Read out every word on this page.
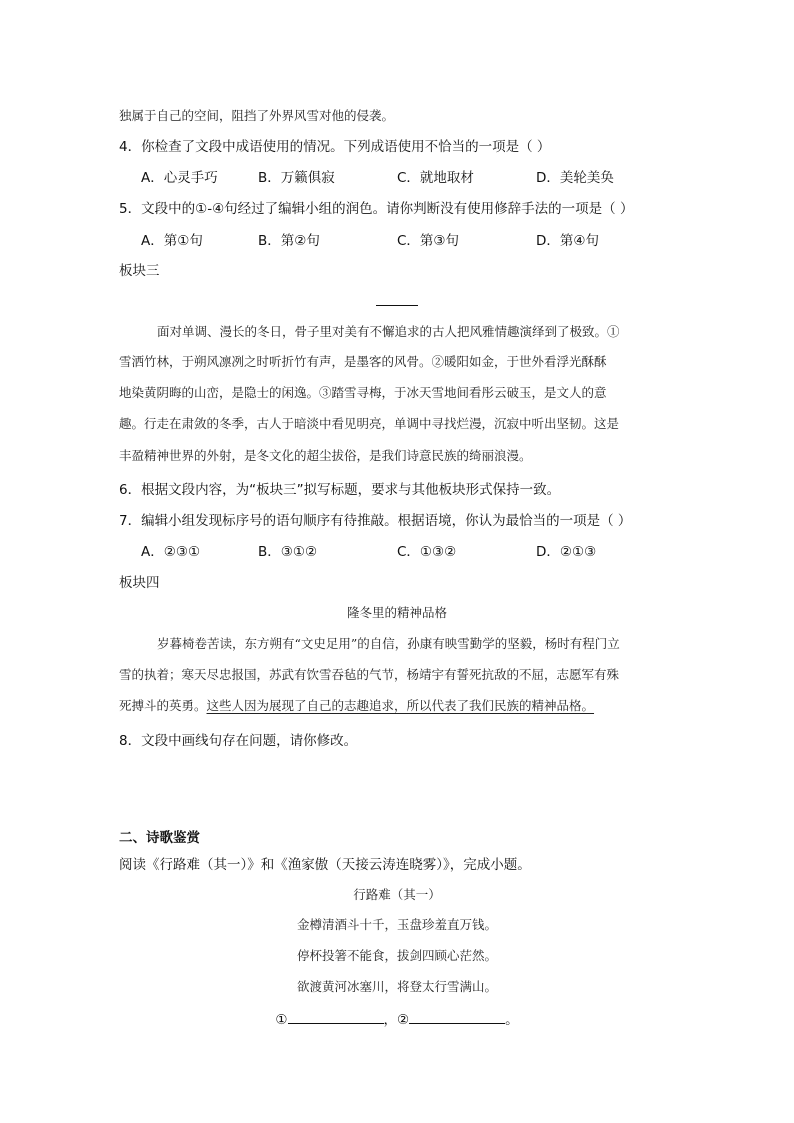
独属于自己的空间，阻挡了外界风雪对他的侵袭。
4．你检查了文段中成语使用的情况。下列成语使用不恰当的一项是（ ）
A．心灵手巧	B．万籁俱寂	C．就地取材	D．美轮美奂
5．文段中的①-④句经过了编辑小组的润色。请你判断没有使用修辞手法的一项是（ ）
A．第①句	B．第②句	C．第③句	D．第④句
板块三
面对单调、漫长的冬日，骨子里对美有不懈追求的古人把风雅情趣演绎到了极致。①
雪洒竹林，于朔风凛冽之时听折竹有声，是墨客的风骨。②暖阳如金，于世外看浮光酥酥
地染黄阴晦的山峦，是隐士的闲逸。③踏雪寻梅，于冰天雪地间看彤云破玉，是文人的意
趣。行走在肃敛的冬季，古人于暗淡中看见明亮，单调中寻找烂漫，沉寂中听出坚韧。这是
丰盈精神世界的外射，是冬文化的超尘拔俗，是我们诗意民族的绮丽浪漫。
6．根据文段内容，为“板块三”拟写标题，要求与其他板块形式保持一致。
7．编辑小组发现标序号的语句顺序有待推敲。根据语境，你认为最恰当的一项是（ ）
A．②③①	B．③①②	C．①③②	D．②①③
板块四
隆冬里的精神品格
岁暮椅卷苦读，东方朔有“文史足用”的自信，孙康有映雪勤学的坚毅，杨时有程门立
雪的执着；寒天尽忠报国，苏武有饮雪吞毡的气节，杨靖宇有誓死抗敌的不屈，志愿军有殊
死搏斗的英勇。这些人因为展现了自己的志趣追求，所以代表了我们民族的精神品格。
8．文段中画线句存在问题，请你修改。
二、诗歌鉴赏
阅读《行路难（其一）》和《渔家傲（天接云涛连晓雾）》，完成小题。
行路难（其一）
金樽清酒斗十千，玉盘珍羞直万钱。
停杯投箸不能食，拔剑四顾心茫然。
欲渡黄河冰塞川，将登太行雪满山。
①	，②	。
